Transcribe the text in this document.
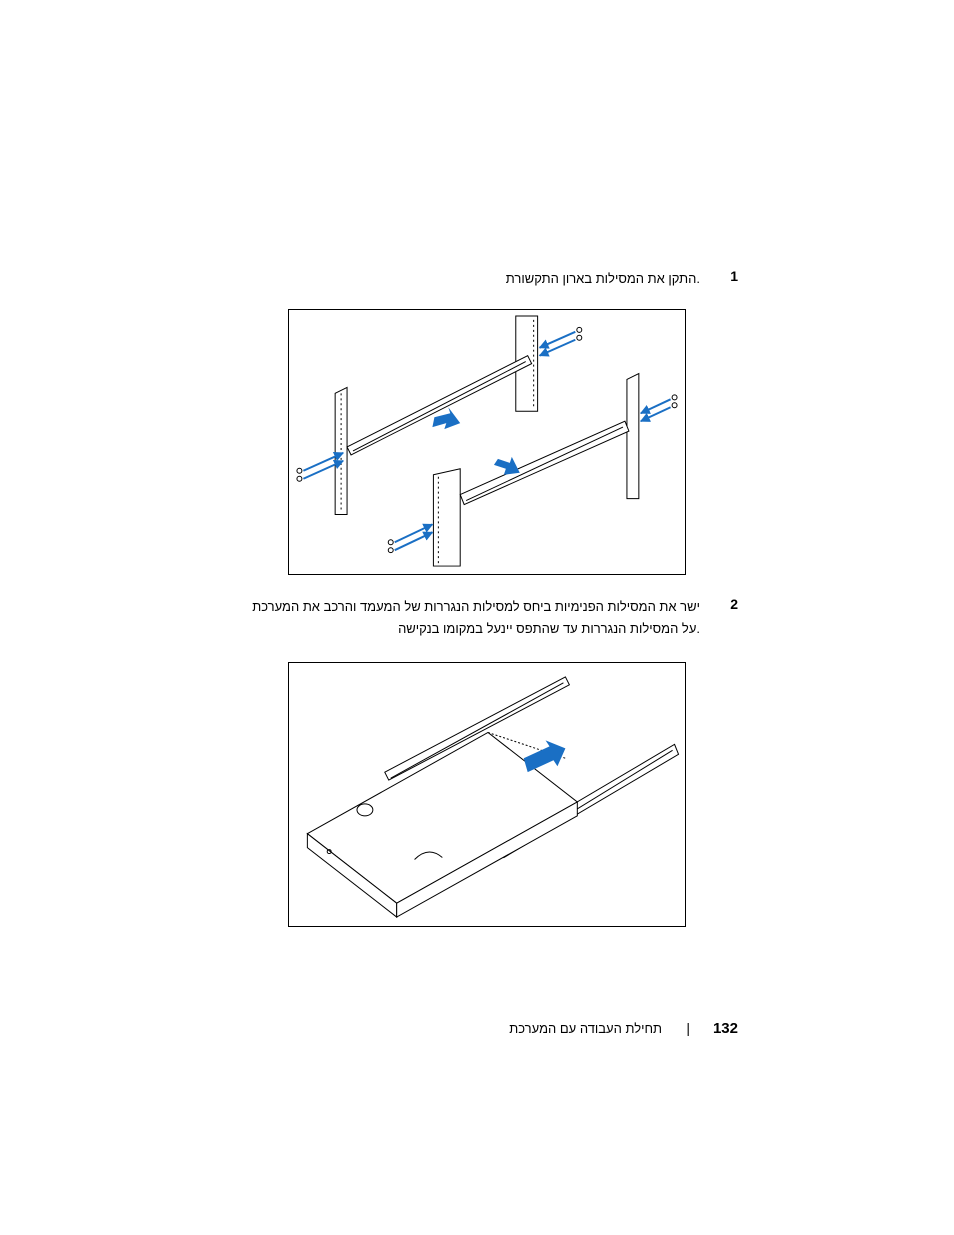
1
.התקן את המסילות בארון התקשורת
2
ישר את המסילות הפנימיות ביחס למסילות הנגררות של המעמד והרכב את המערכת
.על המסילות הנגררות עד שהתפס יינעל במקומו בנקישה
132
|
תחילת העבודה עם המערכת
